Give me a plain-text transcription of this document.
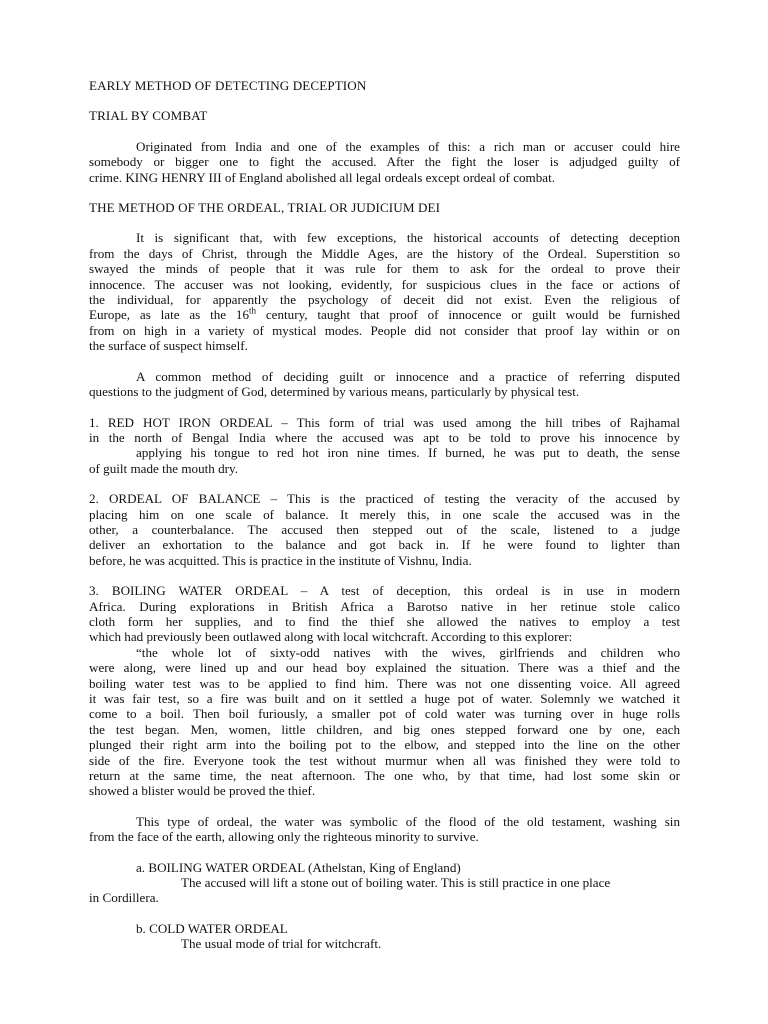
EARLY METHOD OF DETECTING DECEPTION

TRIAL BY COMBAT

Originated from India and one of the examples of this: a rich man or accuser could hire

somebody or bigger one to fight the accused. After the fight the loser is adjudged guilty of

crime. KING HENRY III of England abolished all legal ordeals except ordeal of combat.

THE METHOD OF THE ORDEAL, TRIAL OR JUDICIUM DEI

It is significant that, with few exceptions, the historical accounts of detecting deception

from the days of Christ, through the Middle Ages, are the history of the Ordeal. Superstition so

swayed the minds of people that it was rule for them to ask for the ordeal to prove their

innocence. The accuser was not looking, evidently, for suspicious clues in the face or actions of

the individual, for apparently the psychology of deceit did not exist. Even the religious of

Europe, as late as the 16th century, taught that proof of innocence or guilt would be furnished

from on high in a variety of mystical modes. People did not consider that proof lay within or on

the surface of suspect himself.

A common method of deciding guilt or innocence and a practice of referring disputed

questions to the judgment of God, determined by various means, particularly by physical test.

1. RED HOT IRON ORDEAL – This form of trial was used among the hill tribes of Rajhamal

in the north of Bengal India where the accused was apt to be told to prove his innocence by

applying his tongue to red hot iron nine times. If burned, he was put to death, the sense

of guilt made the mouth dry.

2. ORDEAL OF BALANCE – This is the practiced of testing the veracity of the accused by

placing him on one scale of balance. It merely this, in one scale the accused was in the

other, a counterbalance. The accused then stepped out of the scale, listened to a judge

deliver an exhortation to the balance and got back in. If he were found to lighter than

before, he was acquitted. This is practice in the institute of Vishnu, India.

3. BOILING WATER ORDEAL – A test of deception, this ordeal is in use in modern

Africa. During explorations in British Africa a Barotso native in her retinue stole calico

cloth form her supplies, and to find the thief she allowed the natives to employ a test

which had previously been outlawed along with local witchcraft. According to this explorer:

“the whole lot of sixty-odd natives with the wives, girlfriends and children who

were along, were lined up and our head boy explained the situation. There was a thief and the

boiling water test was to be applied to find him. There was not one dissenting voice. All agreed

it was fair test, so a fire was built and on it settled a huge pot of water. Solemnly we watched it

come to a boil. Then boil furiously, a smaller pot of cold water was turning over in huge rolls

the test began. Men, women, little children, and big ones stepped forward one by one, each

plunged their right arm into the boiling pot to the elbow, and stepped into the line on the other

side of the fire. Everyone took the test without murmur when all was finished they were told to

return at the same time, the neat afternoon. The one who, by that time, had lost some skin or

showed a blister would be proved the thief.

This type of ordeal, the water was symbolic of the flood of the old testament, washing sin

from the face of the earth, allowing only the righteous minority to survive.

a. BOILING WATER ORDEAL (Athelstan, King of England)

The accused will lift a stone out of boiling water. This is still practice in one place

in Cordillera.

b. COLD WATER ORDEAL

The usual mode of trial for witchcraft.
